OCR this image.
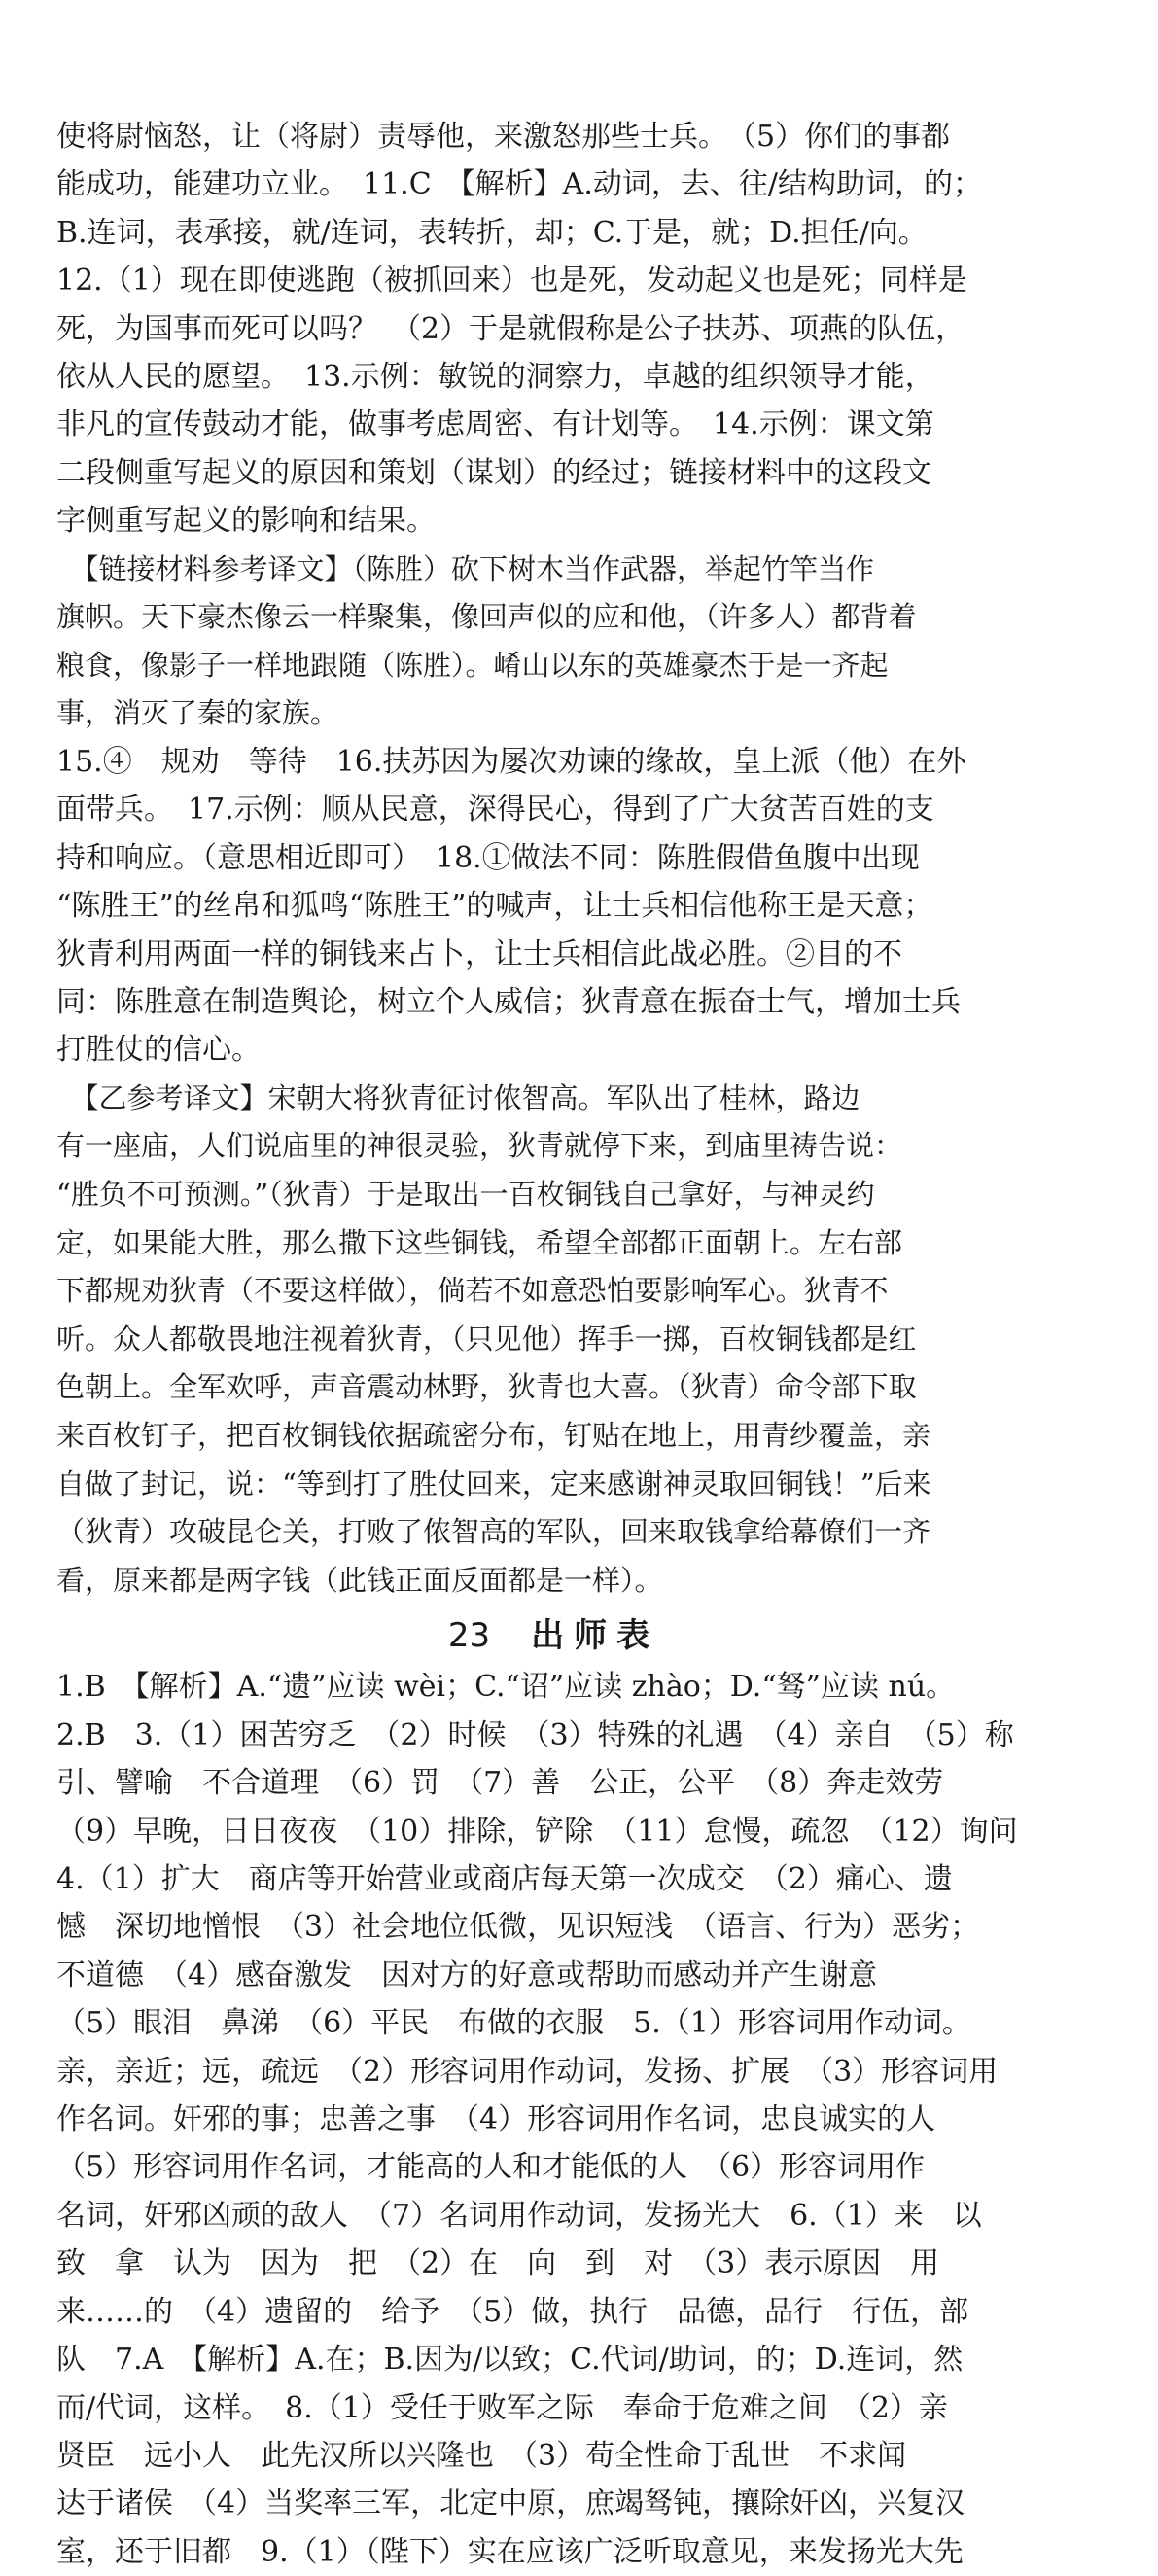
使将尉恼怒，让（将尉）责辱他，来激怒那些士兵。　（5）你们的事都
能成功，能建功立业。　11.C　【解析】A.动词，去、往/结构助词，的；
B.连词，表承接，就/连词，表转折，却；C.于是，就；D.担任/向。
12.（1）现在即使逃跑（被抓回来）也是死，发动起义也是死；同样是
死，为国事而死可以吗？　（2）于是就假称是公子扶苏、项燕的队伍，
依从人民的愿望。　13.示例：敏锐的洞察力，卓越的组织领导才能，
非凡的宣传鼓动才能，做事考虑周密、有计划等。　14.示例：课文第
二段侧重写起义的原因和策划（谋划）的经过；链接材料中的这段文
字侧重写起义的影响和结果。
　【链接材料参考译文】（陈胜）砍下树木当作武器，举起竹竿当作
旗帜。天下豪杰像云一样聚集，像回声似的应和他，（许多人）都背着
粮食，像影子一样地跟随（陈胜）。崤山以东的英雄豪杰于是一齐起
事，消灭了秦的家族。
15.④　规劝　等待　16.扶苏因为屡次劝谏的缘故，皇上派（他）在外
面带兵。　17.示例：顺从民意，深得民心，得到了广大贫苦百姓的支
持和响应。（意思相近即可）　18.①做法不同：陈胜假借鱼腹中出现
“陈胜王”的丝帛和狐鸣“陈胜王”的喊声，让士兵相信他称王是天意；
狄青利用两面一样的铜钱来占卜，让士兵相信此战必胜。②目的不
同：陈胜意在制造舆论，树立个人威信；狄青意在振奋士气，增加士兵
打胜仗的信心。
　【乙参考译文】宋朝大将狄青征讨侬智高。军队出了桂林，路边
有一座庙，人们说庙里的神很灵验，狄青就停下来，到庙里祷告说：
“胜负不可预测。”（狄青）于是取出一百枚铜钱自己拿好，与神灵约
定，如果能大胜，那么撒下这些铜钱，希望全部都正面朝上。左右部
下都规劝狄青（不要这样做），倘若不如意恐怕要影响军心。狄青不
听。众人都敬畏地注视着狄青，（只见他）挥手一掷，百枚铜钱都是红
色朝上。全军欢呼，声音震动林野，狄青也大喜。（狄青）命令部下取
来百枚钉子，把百枚铜钱依据疏密分布，钉贴在地上，用青纱覆盖，亲
自做了封记，说：“等到打了胜仗回来，定来感谢神灵取回铜钱！”后来
（狄青）攻破昆仑关，打败了侬智高的军队，回来取钱拿给幕僚们一齐
看，原来都是两字钱（此钱正面反面都是一样）。
23 出师表
1.B　【解析】A.“遗”应读 wèi；C.“诏”应读 zhào；D.“驽”应读 nú。
2.B　3.（1）困苦穷乏　（2）时候　（3）特殊的礼遇　（4）亲自　（5）称
引、譬喻　不合道理　（6）罚　（7）善　公正，公平　（8）奔走效劳
（9）早晚，日日夜夜　（10）排除，铲除　（11）怠慢，疏忽　（12）询问
4.（1）扩大　商店等开始营业或商店每天第一次成交　（2）痛心、遗
憾　深切地憎恨　（3）社会地位低微，见识短浅　（语言、行为）恶劣；
不道德　（4）感奋激发　因对方的好意或帮助而感动并产生谢意
（5）眼泪　鼻涕　（6）平民　布做的衣服　5.（1）形容词用作动词。
亲，亲近；远，疏远　（2）形容词用作动词，发扬、扩展　（3）形容词用
作名词。奸邪的事；忠善之事　（4）形容词用作名词，忠良诚实的人
（5）形容词用作名词，才能高的人和才能低的人　（6）形容词用作
名词，奸邪凶顽的敌人　（7）名词用作动词，发扬光大　6.（1）来　以
致　拿　认为　因为　把　（2）在　向　到　对　（3）表示原因　用
来……的　（4）遗留的　给予　（5）做，执行　品德，品行　行伍，部
队　7.A　【解析】A.在；B.因为/以致；C.代词/助词，的；D.连词，然
而/代词，这样。　8.（1）受任于败军之际　奉命于危难之间　（2）亲
贤臣　远小人　此先汉所以兴隆也　（3）苟全性命于乱世　不求闻
达于诸侯　（4）当奖率三军，北定中原，庶竭驽钝，攘除奸凶，兴复汉
室，还于旧都　9.（1）（陛下）实在应该广泛听取意见，来发扬光大先
